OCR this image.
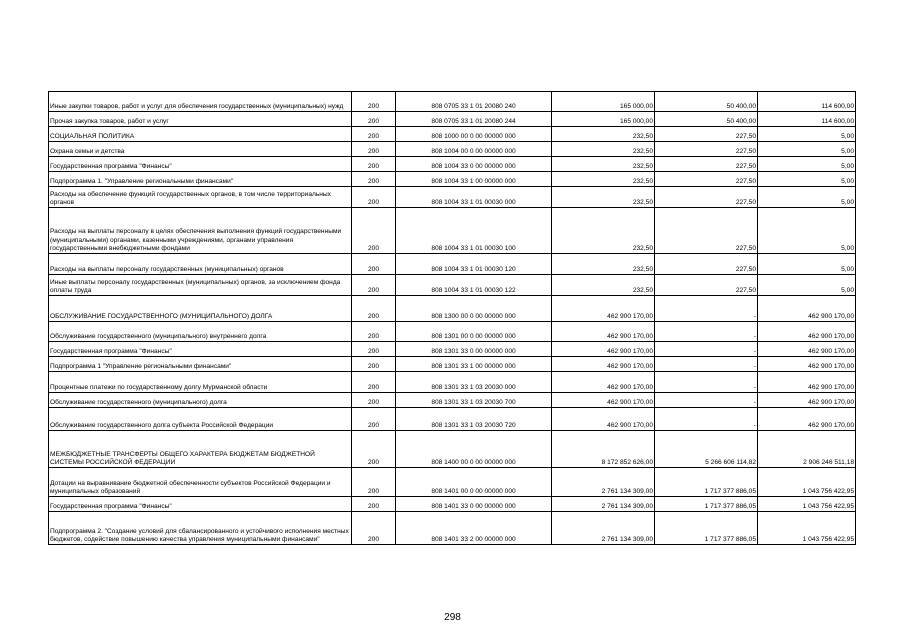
Иные закупки товаров, работ и услуг для обеспечения государственных (муниципальных) нужд	200	808 0705 33 1 01 20080 240	165 000,00	50 400,00	114 600,00

Прочая закупка товаров, работ и услуг	200	808 0705 33 1 01 20080 244	165 000,00	50 400,00	114 600,00

СОЦИАЛЬНАЯ ПОЛИТИКА	200	808 1000 00 0 00 00000 000	232,50	227,50	5,00

Охрана семьи и детства	200	808 1004 00 0 00 00000 000	232,50	227,50	5,00

Государственная программа "Финансы"	200	808 1004 33 0 00 00000 000	232,50	227,50	5,00

Подпрограмма 1. "Управление региональными финансами"	200	808 1004 33 1 00 00000 000	232,50	227,50	5,00

Расходы на обеспечение функций государственных органов, в том числе территориальных органов	200	808 1004 33 1 01 00030 000	232,50	227,50	5,00

Расходы на выплаты персоналу в целях обеспечения выполнения функций государственными (муниципальными) органами, казенными учреждениями, органами управления государственными внебюджетными фондами	200	808 1004 33 1 01 00030 100	232,50	227,50	5,00

Расходы на выплаты персоналу государственных (муниципальных) органов	200	808 1004 33 1 01 00030 120	232,50	227,50	5,00

Иные выплаты персоналу государственных (муниципальных) органов, за исключением фонда оплаты труда	200	808 1004 33 1 01 00030 122	232,50	227,50	5,00

ОБСЛУЖИВАНИЕ ГОСУДАРСТВЕННОГО (МУНИЦИПАЛЬНОГО) ДОЛГА	200	808 1300 00 0 00 00000 000	462 900 170,00	-	462 900 170,00

Обслуживание государственного (муниципального) внутреннего долга	200	808 1301 00 0 00 00000 000	462 900 170,00	-	462 900 170,00

Государственная программа "Финансы"	200	808 1301 33 0 00 00000 000	462 900 170,00	-	462 900 170,00

Подпрограмма 1 "Управление региональными финансами"	200	808 1301 33 1 00 00000 000	462 900 170,00	-	462 900 170,00

Процентные платежи по государственному долгу Мурманской области	200	808 1301 33 1 03 20030 000	462 900 170,00	-	462 900 170,00

Обслуживание государственного (муниципального) долга	200	808 1301 33 1 03 20030 700	462 900 170,00	-	462 900 170,00

Обслуживание государственного долга субъекта Российской Федерации	200	808 1301 33 1 03 20030 720	462 900 170,00	-	462 900 170,00

МЕЖБЮДЖЕТНЫЕ ТРАНСФЕРТЫ ОБЩЕГО ХАРАКТЕРА БЮДЖЕТАМ БЮДЖЕТНОЙ СИСТЕМЫ РОССИЙСКОЙ ФЕДЕРАЦИИ	200	808 1400 00 0 00 00000 000	8 172 852 626,00	5 266 606 114,82	2 906 246 511,18

Дотации на выравнивание бюджетной обеспеченности субъектов Российской Федерации и муниципальных образований	200	808 1401 00 0 00 00000 000	2 761 134 309,00	1 717 377 886,05	1 043 756 422,95

Государственная программа "Финансы"	200	808 1401 33 0 00 00000 000	2 761 134 309,00	1 717 377 886,05	1 043 756 422,95

Подпрограмма 2. "Создание условий для сбалансированного и устойчивого исполнения местных бюджетов, содействие повышению качества управления муниципальными финансами"	200	808 1401 33 2 00 00000 000	2 761 134 309,00	1 717 377 886,05	1 043 756 422,95
298
